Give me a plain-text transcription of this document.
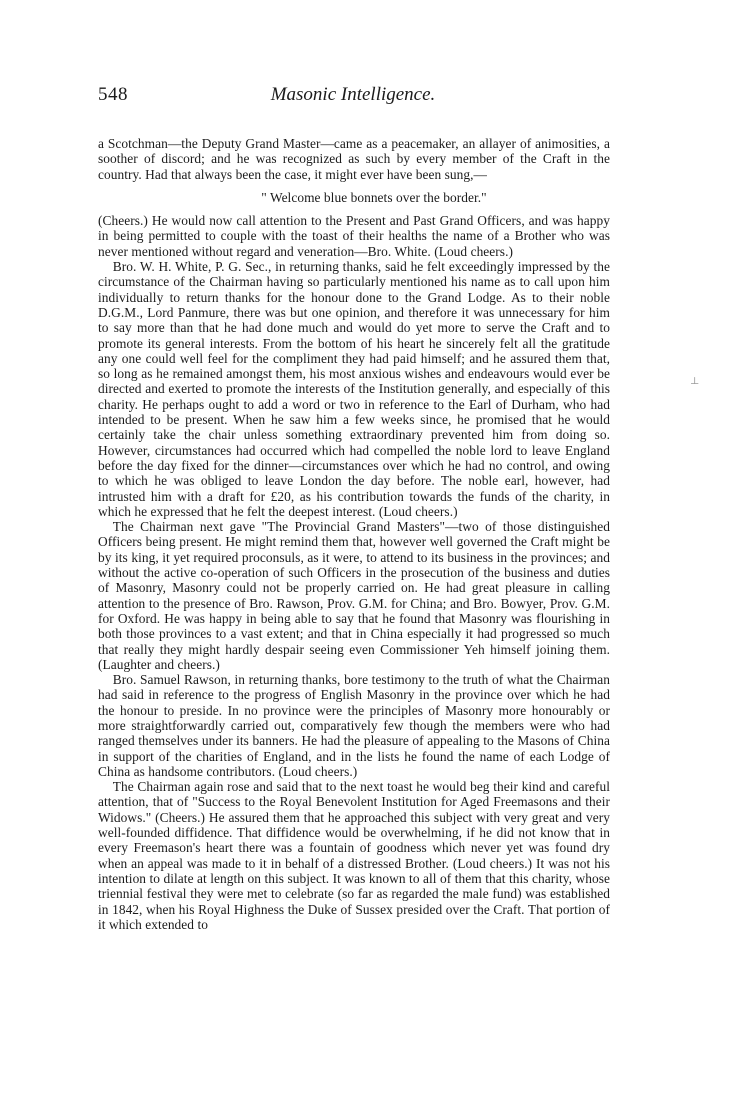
548	Masonic Intelligence.

a Scotchman—the Deputy Grand Master—came as a peacemaker, an allayer of animosities, a soother of discord; and he was recognized as such by every member of the Craft in the country. Had that always been the case, it might ever have been sung,—

" Welcome blue bonnets over the border."

(Cheers.) He would now call attention to the Present and Past Grand Officers, and was happy in being permitted to couple with the toast of their healths the name of a Brother who was never mentioned without regard and veneration—Bro. White. (Loud cheers.)

Bro. W. H. White, P. G. Sec., in returning thanks, said he felt exceedingly impressed by the circumstance of the Chairman having so particularly mentioned his name as to call upon him individually to return thanks for the honour done to the Grand Lodge. As to their noble D.G.M., Lord Panmure, there was but one opinion, and therefore it was unnecessary for him to say more than that he had done much and would do yet more to serve the Craft and to promote its general interests. From the bottom of his heart he sincerely felt all the gratitude any one could well feel for the compliment they had paid himself; and he assured them that, so long as he remained amongst them, his most anxious wishes and endeavours would ever be directed and exerted to promote the interests of the Institution generally, and especially of this charity. He perhaps ought to add a word or two in reference to the Earl of Durham, who had intended to be present. When he saw him a few weeks since, he promised that he would certainly take the chair unless something extraordinary prevented him from doing so. However, circumstances had occurred which had compelled the noble lord to leave England before the day fixed for the dinner—circumstances over which he had no control, and owing to which he was obliged to leave London the day before. The noble earl, however, had intrusted him with a draft for £20, as his contribution towards the funds of the charity, in which he expressed that he felt the deepest interest. (Loud cheers.)

The Chairman next gave "The Provincial Grand Masters"—two of those distinguished Officers being present. He might remind them that, however well governed the Craft might be by its king, it yet required proconsuls, as it were, to attend to its business in the provinces; and without the active co-operation of such Officers in the prosecution of the business and duties of Masonry, Masonry could not be properly carried on. He had great pleasure in calling attention to the presence of Bro. Rawson, Prov. G.M. for China; and Bro. Bowyer, Prov. G.M. for Oxford. He was happy in being able to say that he found that Masonry was flourishing in both those provinces to a vast extent; and that in China especially it had progressed so much that really they might hardly despair seeing even Commissioner Yeh himself joining them. (Laughter and cheers.)

Bro. Samuel Rawson, in returning thanks, bore testimony to the truth of what the Chairman had said in reference to the progress of English Masonry in the province over which he had the honour to preside. In no province were the principles of Masonry more honourably or more straightforwardly carried out, comparatively few though the members were who had ranged themselves under its banners. He had the pleasure of appealing to the Masons of China in support of the charities of England, and in the lists he found the name of each Lodge of China as handsome contributors. (Loud cheers.)

The Chairman again rose and said that to the next toast he would beg their kind and careful attention, that of "Success to the Royal Benevolent Institution for Aged Freemasons and their Widows." (Cheers.) He assured them that he approached this subject with very great and very well-founded diffidence. That diffidence would be overwhelming, if he did not know that in every Freemason's heart there was a fountain of goodness which never yet was found dry when an appeal was made to it in behalf of a distressed Brother. (Loud cheers.) It was not his intention to dilate at length on this subject. It was known to all of them that this charity, whose triennial festival they were met to celebrate (so far as regarded the male fund) was established in 1842, when his Royal Highness the Duke of Sussex presided over the Craft. That portion of it which extended to

⊥
